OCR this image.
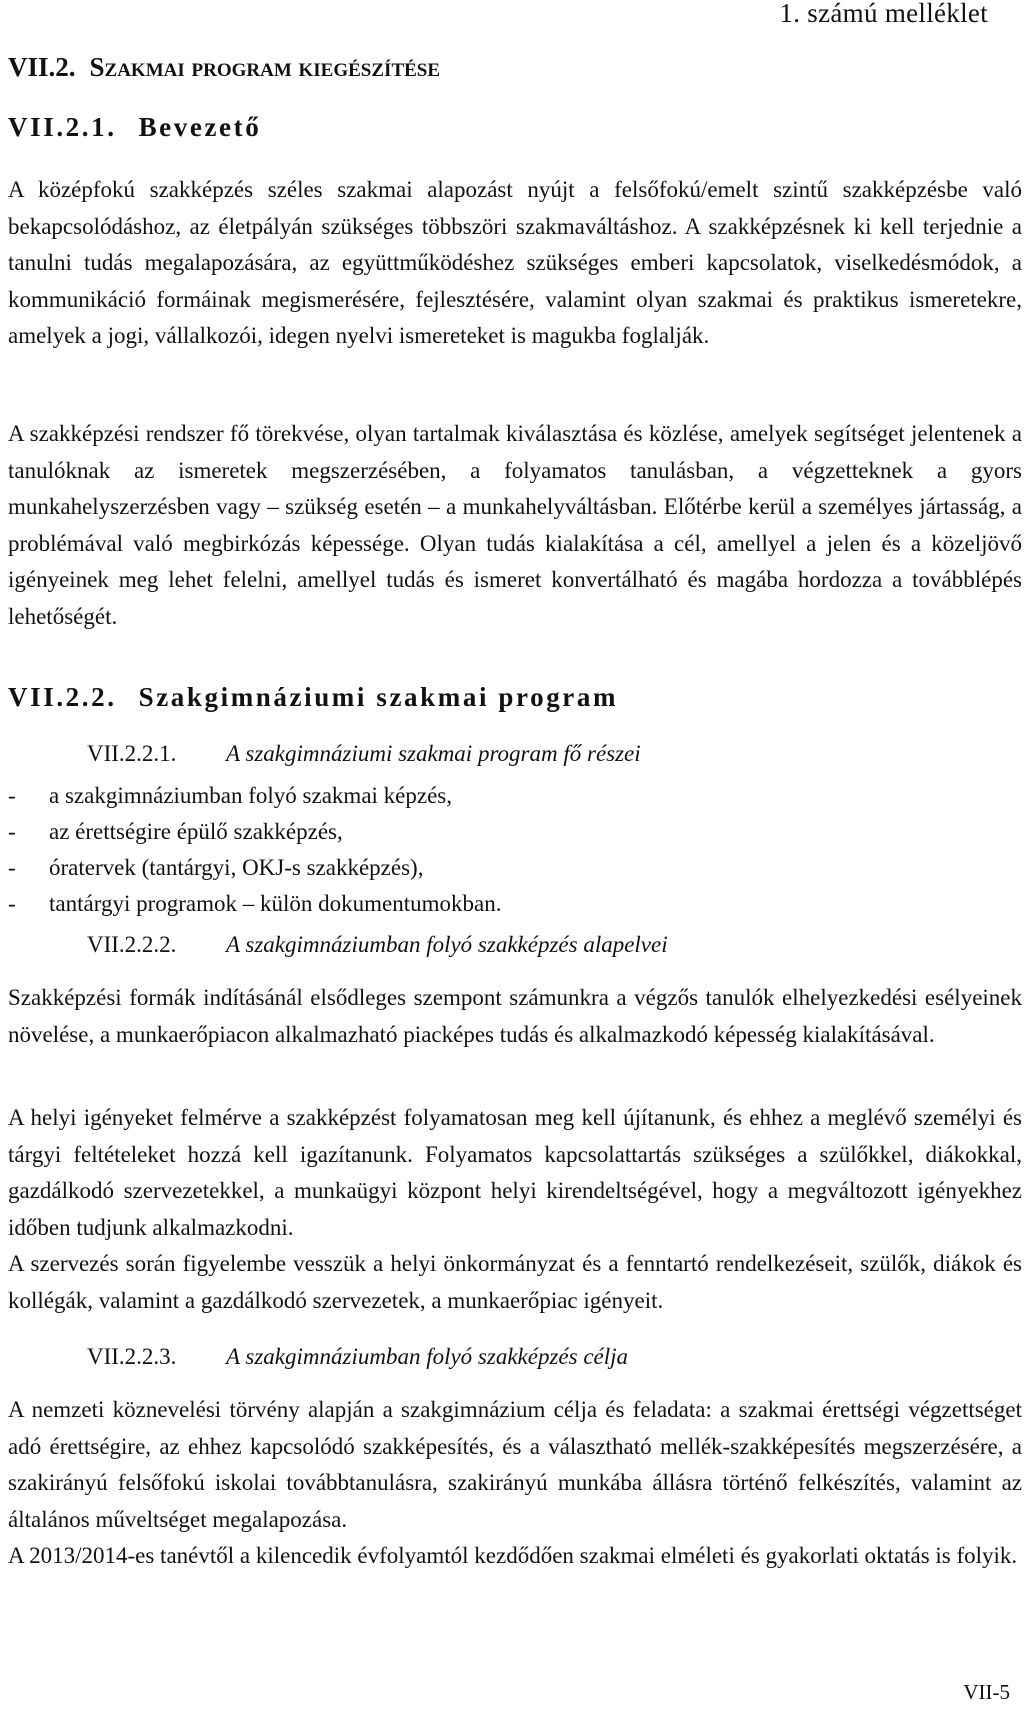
1. számú melléklet
VII.2. Szakmai program kiegészítése
VII.2.1. Bevezető

A középfokú szakképzés széles szakmai alapozást nyújt a felsőfokú/emelt szintű szakképzésbe való bekapcsolódáshoz, az életpályán szükséges többszöri szakmaváltáshoz. A szakképzésnek ki kell terjednie a tanulni tudás megalapozására, az együttműködéshez szükséges emberi kapcsolatok, viselkedésmódok, a kommunikáció formáinak megismerésére, fejlesztésére, valamint olyan szakmai és praktikus ismeretekre, amelyek a jogi, vállalkozói, idegen nyelvi ismereteket is magukba foglalják.

A szakképzési rendszer fő törekvése, olyan tartalmak kiválasztása és közlése, amelyek segítséget jelentenek a tanulóknak az ismeretek megszerzésében, a folyamatos tanulásban, a végzetteknek a gyors munkahelyszerzésben vagy – szükség esetén – a munkahelyváltásban. Előtérbe kerül a személyes jártasság, a problémával való megbirkózás képessége. Olyan tudás kialakítása a cél, amellyel a jelen és a közeljövő igényeinek meg lehet felelni, amellyel tudás és ismeret konvertálható és magába hordozza a továbblépés lehetőségét.

VII.2.2. Szakgimnáziumi szakmai program
VII.2.2.1. A szakgimnáziumi szakmai program fő részei
- a szakgimnáziumban folyó szakmai képzés,
- az érettségire épülő szakképzés,
- óratervek (tantárgyi, OKJ-s szakképzés),
- tantárgyi programok – külön dokumentumokban.
VII.2.2.2. A szakgimnáziumban folyó szakképzés alapelvei

Szakképzési formák indításánál elsődleges szempont számunkra a végzős tanulók elhelyezkedési esélyeinek növelése, a munkaerőpiacon alkalmazható piacképes tudás és alkalmazkodó képesség kialakításával.

A helyi igényeket felmérve a szakképzést folyamatosan meg kell újítanunk, és ehhez a meglévő személyi és tárgyi feltételeket hozzá kell igazítanunk. Folyamatos kapcsolattartás szükséges a szülőkkel, diákokkal, gazdálkodó szervezetekkel, a munkaügyi központ helyi kirendeltségével, hogy a megváltozott igényekhez időben tudjunk alkalmazkodni.

A szervezés során figyelembe vesszük a helyi önkormányzat és a fenntartó rendelkezéseit, szülők, diákok és kollégák, valamint a gazdálkodó szervezetek, a munkaerőpiac igényeit.

VII.2.2.3. A szakgimnáziumban folyó szakképzés célja

A nemzeti köznevelési törvény alapján a szakgimnázium célja és feladata: a szakmai érettségi végzettséget adó érettségire, az ehhez kapcsolódó szakképesítés, és a választható mellék-szakképesítés megszerzésére, a szakirányú felsőfokú iskolai továbbtanulásra, szakirányú munkába állásra történő felkészítés, valamint az általános műveltséget megalapozása.

A 2013/2014-es tanévtől a kilencedik évfolyamtól kezdődően szakmai elméleti és gyakorlati oktatás is folyik.

VII-5
